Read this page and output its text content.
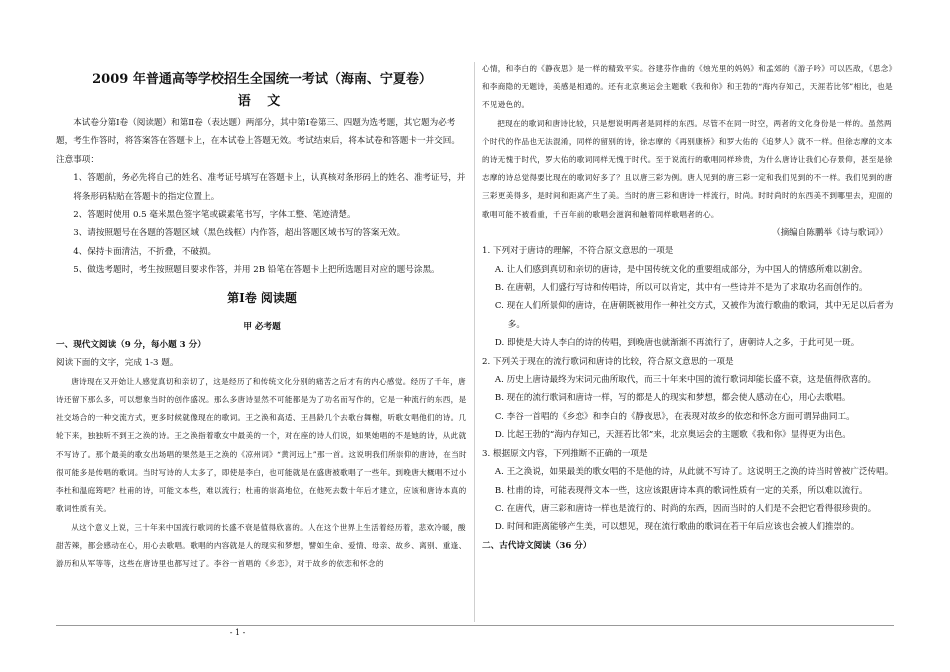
2009 年普通高等学校招生全国统一考试（海南、宁夏卷）

语 文

本试卷分第Ⅰ卷（阅读题）和第Ⅱ卷（表达题）两部分，其中第Ⅰ卷第三、四题为选考题，其它题为必考题，考生作答时，将答案答在答题卡上，在本试卷上答题无效。考试结束后，将本试卷和答题卡一并交回。

注意事项：

1、答题前，务必先将自己的姓名、准考证号填写在答题卡上，认真核对条形码上的姓名、准考证号，并将条形码粘贴在答题卡的指定位置上。

2、答题时使用 0.5 毫米黑色签字笔或碳素笔书写，字体工整、笔迹清楚。

3、请按照题号在各题的答题区域（黑色线框）内作答，超出答题区域书写的答案无效。

4、保持卡面清洁，不折叠，不破损。

5、做选考题时，考生按照题目要求作答，并用 2B 铅笔在答题卡上把所选题目对应的题号涂黑。

第Ⅰ卷 阅读题

甲 必考题

一、现代文阅读（9 分，每小题 3 分）

阅读下面的文字，完成 1-3 题。

唐诗现在又开始让人感觉真切和亲切了，这是经历了和传统文化分别的痛苦之后才有的内心感觉。经历了千年，唐诗还留下那么多，可以想象当时的创作盛况。那么多唐诗显然不可能都是为了功名而写作的，它是一种流行的东西，是社交场合的一种交流方式，更多时候就像现在的歌词。王之涣和高适、王昌龄几个去歌台舞榭，听歌女唱他们的诗。几轮下来，独独听不到王之涣的诗。王之涣指着歌女中最美的一个，对在座的诗人们说，如果她唱的不是她的诗，从此就不写诗了。那个最美的歌女出场唱的果然是王之涣的《凉州词》“黄河远上”那一首。这说明我们所崇仰的唐诗，在当时很可能多是传唱的歌词。当时写诗的人太多了，即使是李白，也可能就是在盛唐被歌唱了一些年。到晚唐大概唱不过小李杜和温庭筠吧？杜甫的诗，可能文本些，难以流行；杜甫的崇高地位，在他死去数十年后才建立，应该和唐诗本真的歌词性质有关。

从这个意义上说，三十年来中国流行歌词的长盛不衰是值得欣喜的。人在这个世界上生活着经历着，悲欢冷暖，酸甜苦辣，都会感动在心，用心去歌唱。歌唱的内容就是人的现实和梦想，譬如生命、爱情、母亲、故乡、离别、重逢、游历和从军等等，这些在唐诗里也都写过了。李谷一首唱的《乡恋》，对于故乡的依恋和怀念的

心情，和李白的《静夜思》是一样的精致平实。谷建芬作曲的《烛光里的妈妈》和孟郊的《游子吟》可以匹敌，《思念》和李商隐的无题诗，美感是相通的。还有北京奥运会主题歌《我和你》和王勃的“海内存知己，天涯若比邻”相比，也是不见逊色的。

把现在的歌词和唐诗比较，只是想说明两者是同样的东西。尽管不在同一时空，两者的文化身份是一样的。虽然两个时代的作品也无法混淆，同样的留别的诗，徐志摩的《再别康桥》和罗大佑的《追梦人》就不一样。但徐志摩的文本的诗无愧于时代，罗大佑的歌词同样无愧于时代。至于说流行的歌唱同样珍贵，为什么唐诗让我们心存景仰，甚至是徐志摩的诗总觉得要比现在的歌词好多了？且以唐三彩为例。唐人见到的唐三彩一定和我们见到的不一样。我们见到的唐三彩更美得多，是时间和距离产生了美。当时的唐三彩和唐诗一样流行，时尚。时时尚时的东西美不到哪里去，迎面的歌唱可能不被看重，千百年前的歌唱会滋润和触着同样歌唱者的心。

（摘编自陈鹏举《诗与歌词》）

1. 下列对于唐诗的理解，不符合原文意思的一项是

A. 让人们感到真切和亲切的唐诗，是中国传统文化的重要组成部分，为中国人的情感所难以割舍。

B. 在唐朝，人们盛行写诗和传唱诗，所以可以肯定，其中有一些诗并不是为了求取功名而创作的。

C. 现在人们所景仰的唐诗，在唐朝既被用作一种社交方式，又被作为流行歌曲的歌词，其中无足以后者为多。

D. 即使是大诗人李白的诗的传唱，到晚唐也就渐渐不再流行了，唐朝诗人之多，于此可见一斑。

2. 下列关于现在的流行歌词和唐诗的比较，符合原文意思的一项是

A. 历史上唐诗最终为宋词元曲所取代，而三十年来中国的流行歌词却能长盛不衰，这是值得欣喜的。

B. 现在的流行歌词和唐诗一样，写的都是人的现实和梦想，都会使人感动在心，用心去歌唱。

C. 李谷一首唱的《乡恋》和李白的《静夜思》，在表现对故乡的依恋和怀念方面可谓异曲同工。

D. 比起王勃的“海内存知己，天涯若比邻”来，北京奥运会的主题歌《我和你》显得更为出色。

3. 根据原文内容，下列推断不正确的一项是

A. 王之涣说，如果最美的歌女唱的不是他的诗，从此就不写诗了。这说明王之涣的诗当时曾被广泛传唱。

B. 杜甫的诗，可能表现得文本一些，这应该跟唐诗本真的歌词性质有一定的关系，所以难以流行。

C. 在唐代，唐三彩和唐诗一样也是流行的、时尚的东西，因而当时的人们是不会把它看得很珍贵的。

D. 时间和距离能够产生美，可以想见，现在流行歌曲的歌词在若干年后应该也会被人们推崇的。

二、古代诗文阅读（36 分）

- 1 -
